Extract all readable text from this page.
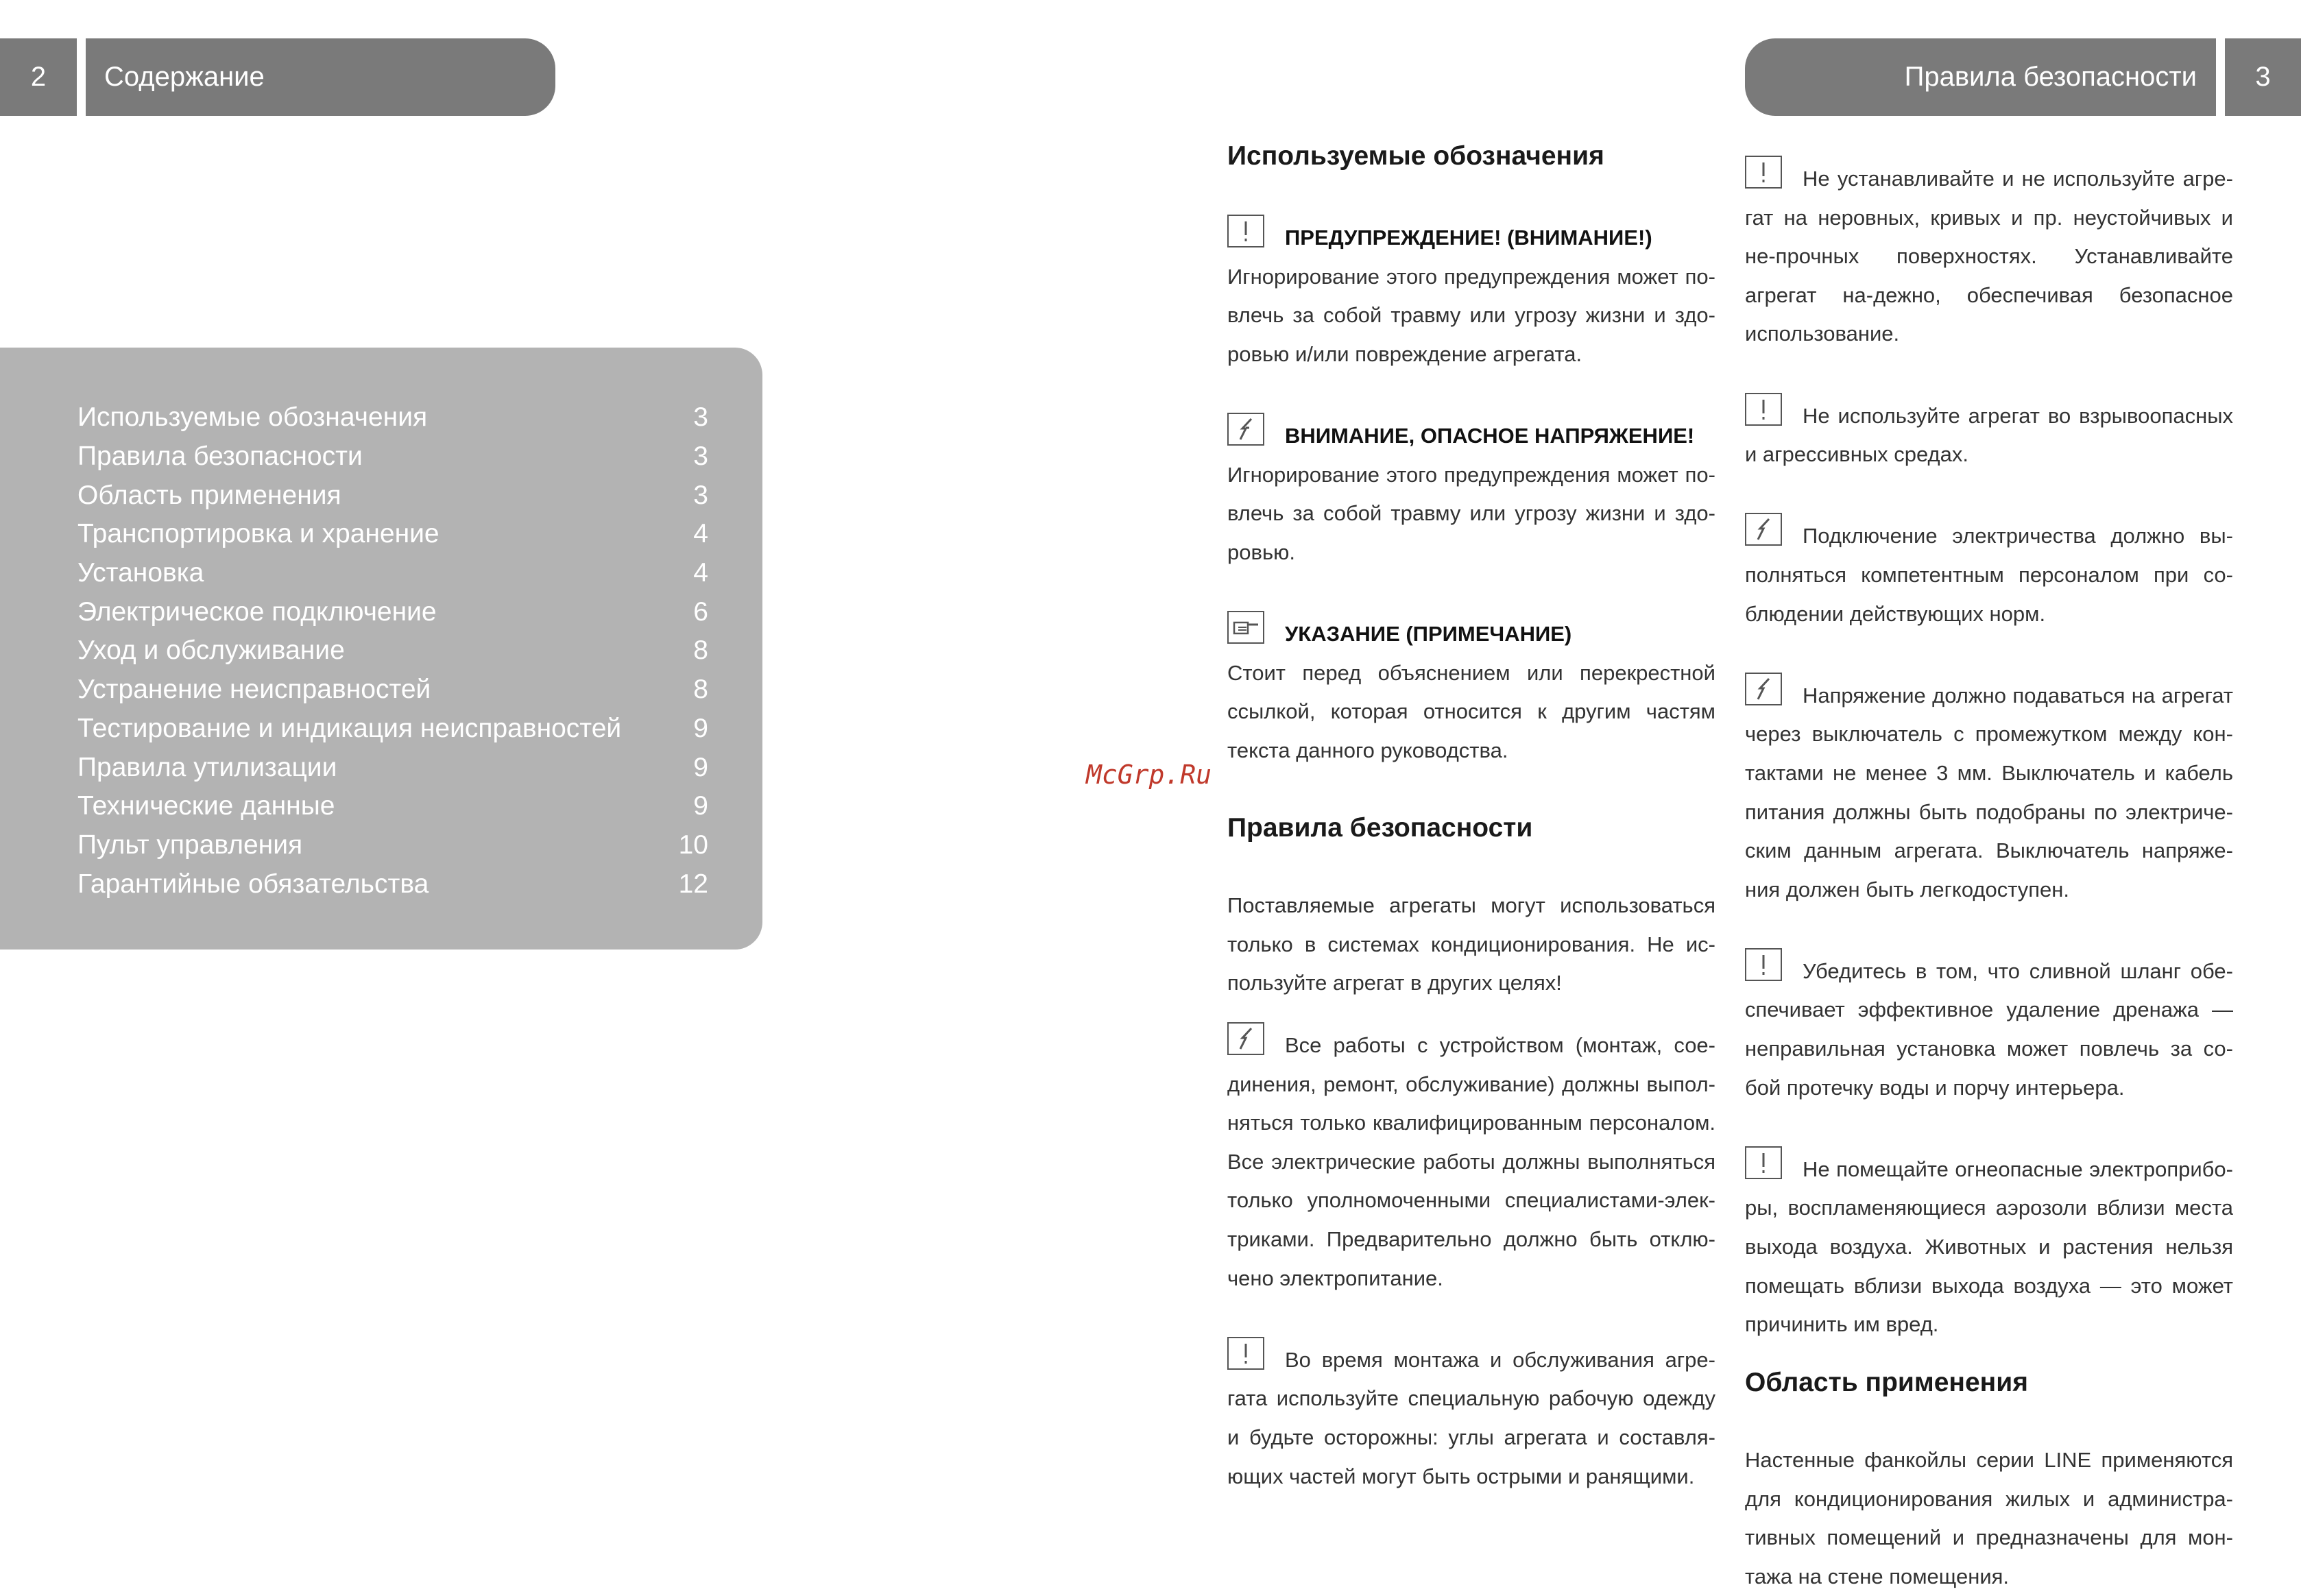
2	Содержание	Правила безопасности	3
Используемые обозначения	3
Правила безопасности	3
Область применения	3
Транспортировка и хранение	4
Установка	4
Электрическое подключение	6
Уход и обслуживание	8
Устранение неисправностей	8
Тестирование и индикация неисправностей	9
Правила утилизации	9
Технические данные	9
Пульт управления	10
Гарантийные обязательства	12
McGrp.Ru
Используемые обозначения

ПРЕДУПРЕЖДЕНИЕ! (ВНИМАНИЕ!)
Игнорирование этого предупреждения может по-влечь за собой травму или угрозу жизни и здо-ровью и/или повреждение агрегата.

ВНИМАНИЕ, ОПАСНОЕ НАПРЯЖЕНИЕ!
Игнорирование этого предупреждения может по-влечь за собой травму или угрозу жизни и здо-ровью.

УКАЗАНИЕ (ПРИМЕЧАНИЕ)
Стоит перед объяснением или перекрестной ссылкой, которая относится к другим частям текста данного руководства.

Правила безопасности

Поставляемые агрегаты могут использоваться только в системах кондиционирования. Не ис-пользуйте агрегат в других целях!

Все работы с устройством (монтаж, сое-динения, ремонт, обслуживание) должны выпол-няться только квалифицированным персоналом. Все электрические работы должны выполняться только уполномоченными специалистами-элек-триками. Предварительно должно быть отклю-чено электропитание.

Во время монтажа и обслуживания агре-гата используйте специальную рабочую одежду и будьте осторожны: углы агрегата и составля-ющих частей могут быть острыми и ранящими.

Не устанавливайте и не используйте агре-гат на неровных, кривых и пр. неустойчивых и не-прочных поверхностях. Устанавливайте агрегат на-дежно, обеспечивая безопасное использование.

Не используйте агрегат во взрывоопасных и агрессивных средах.

Подключение электричества должно вы-полняться компетентным персоналом при со-блюдении действующих норм.

Напряжение должно подаваться на агрегат через выключатель с промежутком между кон-тактами не менее 3 мм. Выключатель и кабель питания должны быть подобраны по электриче-ским данным агрегата. Выключатель напряже-ния должен быть легкодоступен.

Убедитесь в том, что сливной шланг обе-спечивает эффективное удаление дренажа — неправильная установка может повлечь за со-бой протечку воды и порчу интерьера.

Не помещайте огнеопасные электроприбо-ры, воспламеняющиеся аэрозоли вблизи места выхода воздуха. Животных и растения нельзя помещать вблизи выхода воздуха — это может причинить им вред.

Область применения

Настенные фанкойлы серии LINE применяются для кондиционирования жилых и администра-тивных помещений и предназначены для мон-тажа на стене помещения.
